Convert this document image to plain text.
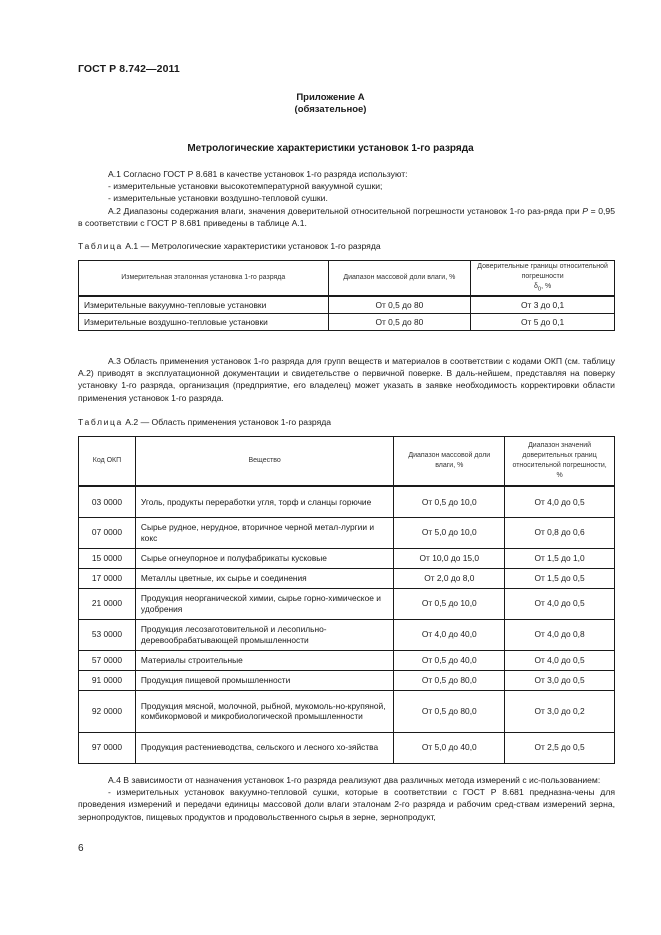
ГОСТ Р 8.742—2011
Приложение А
(обязательное)
Метрологические характеристики установок 1-го разряда

А.1 Согласно ГОСТ Р 8.681 в качестве установок 1-го разряда используют:

- измерительные установки высокотемпературной вакуумной сушки;

- измерительные установки воздушно-тепловой сушки.

А.2 Диапазоны содержания влаги, значения доверительной относительной погрешности установок 1-го раз-ряда при Р = 0,95 в соответствии с ГОСТ Р 8.681 приведены в таблице А.1.

Таблица А.1 — Метрологические характеристики установок 1-го разряда
Измерительная эталонная установка 1-го разряда	Диапазон массовой доли влаги, %	Доверительные границы относительной погрешности
$\delta_0$, %
Измерительные вакуумно-тепловые установки	От 0,5 до 80	От 3 до 0,1
Измерительные воздушно-тепловые установки	От 0,5 до 80	От 5 до 0,1

А.3 Область применения установок 1-го разряда для групп веществ и материалов в соответствии с кодами ОКП (см. таблицу А.2) приводят в эксплуатационной документации и свидетельстве о первичной поверке. В даль-нейшем, представляя на поверку установку 1-го разряда, организация (предприятие, его владелец) может указать в заявке необходимость корректировки области применения установок 1-го разряда.

Таблица А.2 — Область применения установок 1-го разряда
Код ОКП	Вещество	Диапазон массовой доли влаги, %	Диапазон значений доверительных границ относительной погрешности, %
03 0000	Уголь, продукты переработки угля, торф и сланцы горючие	От 0,5 до 10,0	От 4,0 до 0,5
07 0000	Сырье рудное, нерудное, вторичное черной метал-лургии и кокс	От 5,0 до 10,0	От 0,8 до 0,6
15 0000	Сырье огнеупорное и полуфабрикаты кусковые	От 10,0 до 15,0	От 1,5 до 1,0
17 0000	Металлы цветные, их сырье и соединения	От 2,0 до 8,0	От 1,5 до 0,5
21 0000	Продукция неорганической химии, сырье горно-химическое и удобрения	От 0,5 до 10,0	От 4,0 до 0,5
53 0000	Продукция лесозаготовительной и лесопильно-деревообрабатывающей промышленности	От 4,0 до 40,0	От 4,0 до 0,8
57 0000	Материалы строительные	От 0,5 до 40,0	От 4,0 до 0,5
91 0000	Продукция пищевой промышленности	От 0,5 до 80,0	От 3,0 до 0,5
92 0000	Продукция мясной, молочной, рыбной, мукомоль-но-крупяной, комбикормовой и микробиологической промышленности	От 0,5 до 80,0	От 3,0 до 0,2
97 0000	Продукция растениеводства, сельского и лесного хо-зяйства	От 5,0 до 40,0	От 2,5 до 0,5

А.4 В зависимости от назначения установок 1-го разряда реализуют два различных метода измерений с ис-пользованием:

- измерительных установок вакуумно-тепловой сушки, которые в соответствии с ГОСТ Р 8.681 предназна-чены для проведения измерений и передачи единицы массовой доли влаги эталонам 2-го разряда и рабочим сред-ствам измерений зерна, зернопродуктов, пищевых продуктов и продовольственного сырья в зерне, зернопродукт,

6
